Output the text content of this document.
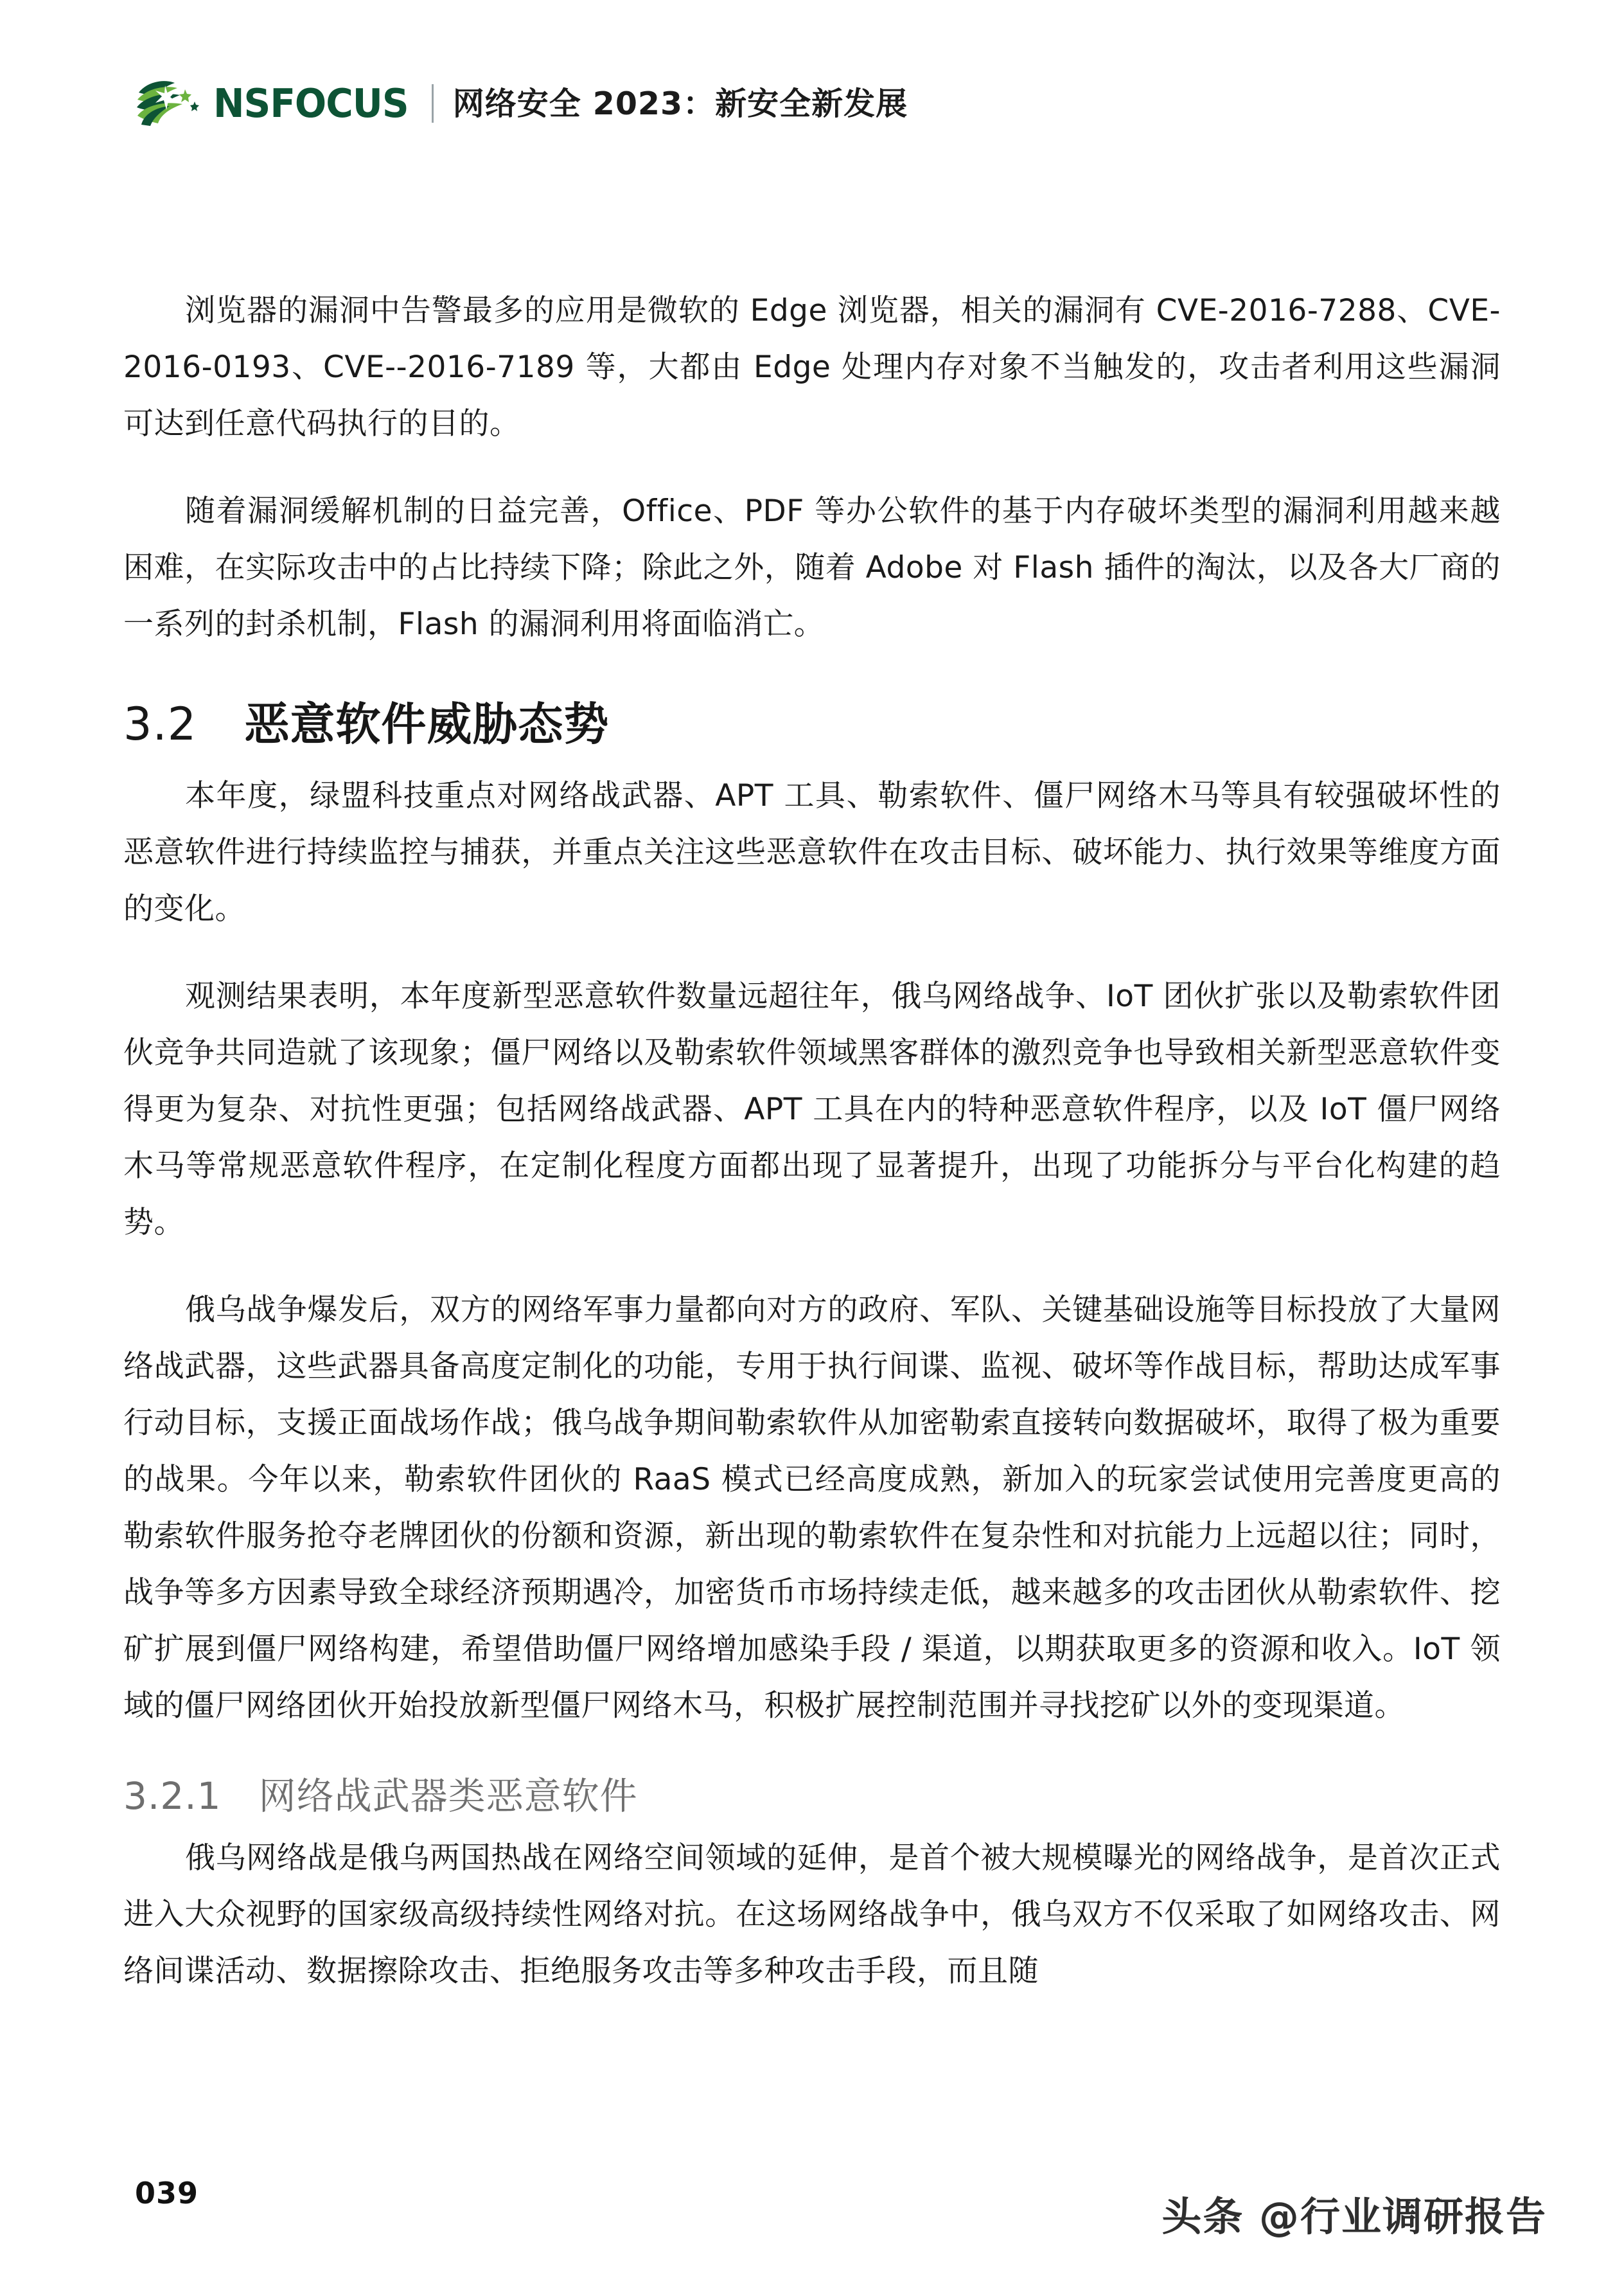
NSFOCUS 网络安全 2023：新安全新发展

浏览器的漏洞中告警最多的应用是微软的 Edge 浏览器，相关的漏洞有 CVE-2016-7288、CVE-2016-0193、CVE--2016-7189 等，大都由 Edge 处理内存对象不当触发的，攻击者利用这些漏洞可达到任意代码执行的目的。

随着漏洞缓解机制的日益完善，Office、PDF 等办公软件的基于内存破坏类型的漏洞利用越来越困难，在实际攻击中的占比持续下降；除此之外，随着 Adobe 对 Flash 插件的淘汰，以及各大厂商的一系列的封杀机制，Flash 的漏洞利用将面临消亡。

3.2 恶意软件威胁态势

本年度，绿盟科技重点对网络战武器、APT 工具、勒索软件、僵尸网络木马等具有较强破坏性的恶意软件进行持续监控与捕获，并重点关注这些恶意软件在攻击目标、破坏能力、执行效果等维度方面的变化。

观测结果表明，本年度新型恶意软件数量远超往年，俄乌网络战争、IoT 团伙扩张以及勒索软件团伙竞争共同造就了该现象；僵尸网络以及勒索软件领域黑客群体的激烈竞争也导致相关新型恶意软件变得更为复杂、对抗性更强；包括网络战武器、APT 工具在内的特种恶意软件程序，以及 IoT 僵尸网络木马等常规恶意软件程序，在定制化程度方面都出现了显著提升，出现了功能拆分与平台化构建的趋势。

俄乌战争爆发后，双方的网络军事力量都向对方的政府、军队、关键基础设施等目标投放了大量网络战武器，这些武器具备高度定制化的功能，专用于执行间谍、监视、破坏等作战目标，帮助达成军事行动目标，支援正面战场作战；俄乌战争期间勒索软件从加密勒索直接转向数据破坏，取得了极为重要的战果。今年以来，勒索软件团伙的 RaaS 模式已经高度成熟，新加入的玩家尝试使用完善度更高的勒索软件服务抢夺老牌团伙的份额和资源，新出现的勒索软件在复杂性和对抗能力上远超以往；同时，战争等多方因素导致全球经济预期遇冷，加密货币市场持续走低，越来越多的攻击团伙从勒索软件、挖矿扩展到僵尸网络构建，希望借助僵尸网络增加感染手段 / 渠道，以期获取更多的资源和收入。IoT 领域的僵尸网络团伙开始投放新型僵尸网络木马，积极扩展控制范围并寻找挖矿以外的变现渠道。

3.2.1 网络战武器类恶意软件

俄乌网络战是俄乌两国热战在网络空间领域的延伸，是首个被大规模曝光的网络战争，是首次正式进入大众视野的国家级高级持续性网络对抗。在这场网络战争中，俄乌双方不仅采取了如网络攻击、网络间谍活动、数据擦除攻击、拒绝服务攻击等多种攻击手段，而且随

039	头条 @行业调研报告
